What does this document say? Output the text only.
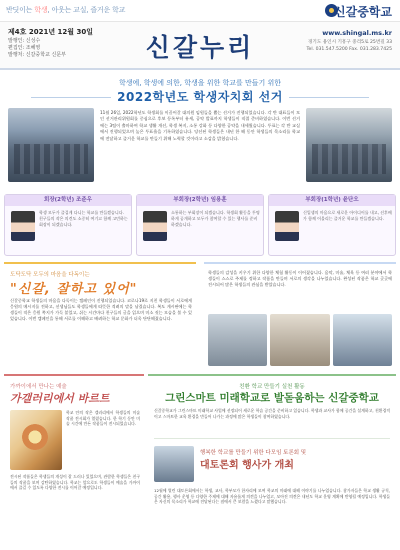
반딧이는 학생, 아웃는 교실, 즐거운 학교	신갈중학교
제4호 2021년 12월 30일
발행인: 신성수
편집인: 조혜영
발행처: 신갈중학교 신문부	신갈누리	www.shingal.ms.kr
경기도 용인시 기흥구 중리5로 25번길 33
Tel. 031.547.5200 Fax. 031.283.7425
학생에, 학생에 의한, 학생을 위한 학교를 만들기 위한
2022학년도 학생자치회 선거
11월 26일, 2022학년도 학생회를 이끌어갈 대의원 임원들을 뽑는 선거가 진행되었습니다. 각 반 대표들이 모인 선거관리위원회를 중심으로 후보 등록부터 유세, 공약 발표까지 학생들이 직접 준비하였습니다. 이번 선거에는 3팀이 출마하여 학교 생활 개선, 학생 복지, 소통 강화 등 다양한 공약을 내세웠습니다. 투표는 각 반 교실에서 진행되었으며 높은 투표율을 기록하였습니다. 당선된 학생들은 내년 한 해 동안 학생들의 목소리를 학교에 전달하고 즐거운 학교를 만들기 위해 노력할 것이라고 소감을 밝혔습니다.
회장(2학년) 조준우
학생 모두가 즐겁게 다니는 학교를 만들겠습니다. 친구들의 작은 의견도 소중히 여기고 함께 고민하는 회장이 되겠습니다.
부회장(2학년) 임용훈
소통하는 부회장이 되겠습니다. 학생회 활동을 투명하게 공개하고 모두가 참여할 수 있는 행사를 준비하겠습니다.
부회장(1학년) 윤단오
신입생의 마음으로 새로운 아이디어를 내고, 선후배가 함께 어울리는 즐거운 학교를 만들겠습니다.
도닥도닥 모두의 마음을 다독이는
"신갈, 잘하고 있어"
신갈중학교 학생들의 마음을 다독이는 캠페인이 진행되었습니다. 코로나19로 지친 학생들이 서로에게 응원의 메시지를 전하고, 선생님들도 학생들에게 따뜻한 격려의 말을 남겼습니다. 복도 게시판에는 학생들이 적은 응원 쪽지가 가득 붙었고, 쉬는 시간마다 친구들의 글을 읽으며 미소 짓는 모습을 볼 수 있었습니다. 이번 캠페인을 통해 서로를 이해하고 배려하는 학교 문화가 더욱 단단해졌습니다.
학생들의 감성을 키우기 위한 다양한 체험 활동이 이어졌습니다. 음악, 미술, 체육 등 여러 분야에서 학생들이 스스로 주제를 정하고 작품을 만들며 서로의 생각을 나누었습니다. 완성된 작품은 학교 곳곳에 전시되어 많은 학생들의 관심을 받았습니다.
가까이에서 만나는 예술
가갤러리에서 바르트
학교 안의 작은 갤러리에서 학생들의 미술 작품 전시회가 열렸습니다. 한 학기 동안 미술 시간에 만든 작품들이 전시되었습니다.
전시된 작품들은 학생들의 개성이 잘 드러나 있었으며, 관람한 학생들은 친구들의 작품을 보며 감탄하였습니다. 학교는 앞으로도 학생들이 예술을 가까이에서 즐길 수 있도록 다양한 전시를 이어갈 예정입니다.
친환 학교 만들기 실천 활동
그린스마트 미래학교로 발돋움하는 신갈중학교
신갈중학교가 그린스마트 미래학교 사업에 선정되어 새로운 학습 공간을 준비하고 있습니다. 학생과 교사가 함께 공간을 설계하고, 친환경적이고 스마트한 교육 환경을 만들어 나가는 과정에 많은 학생들이 참여하였습니다.
행복한 학교를 만들기 위한 다모임 토론회 및
대토론회 행사가 개최
12월에 열린 대토론회에서는 학생, 교사, 학부모가 한자리에 모여 학교의 미래에 대해 이야기를 나누었습니다. 참가자들은 학교 생활 규칙, 공간 활용, 행사 운영 등 다양한 주제에 대해 자유롭게 의견을 나누었고, 모아진 의견은 내년도 학교 운영 계획에 반영될 예정입니다. 학생들은 자신의 목소리가 학교에 전달된다는 점에서 큰 보람을 느꼈다고 말했습니다.
